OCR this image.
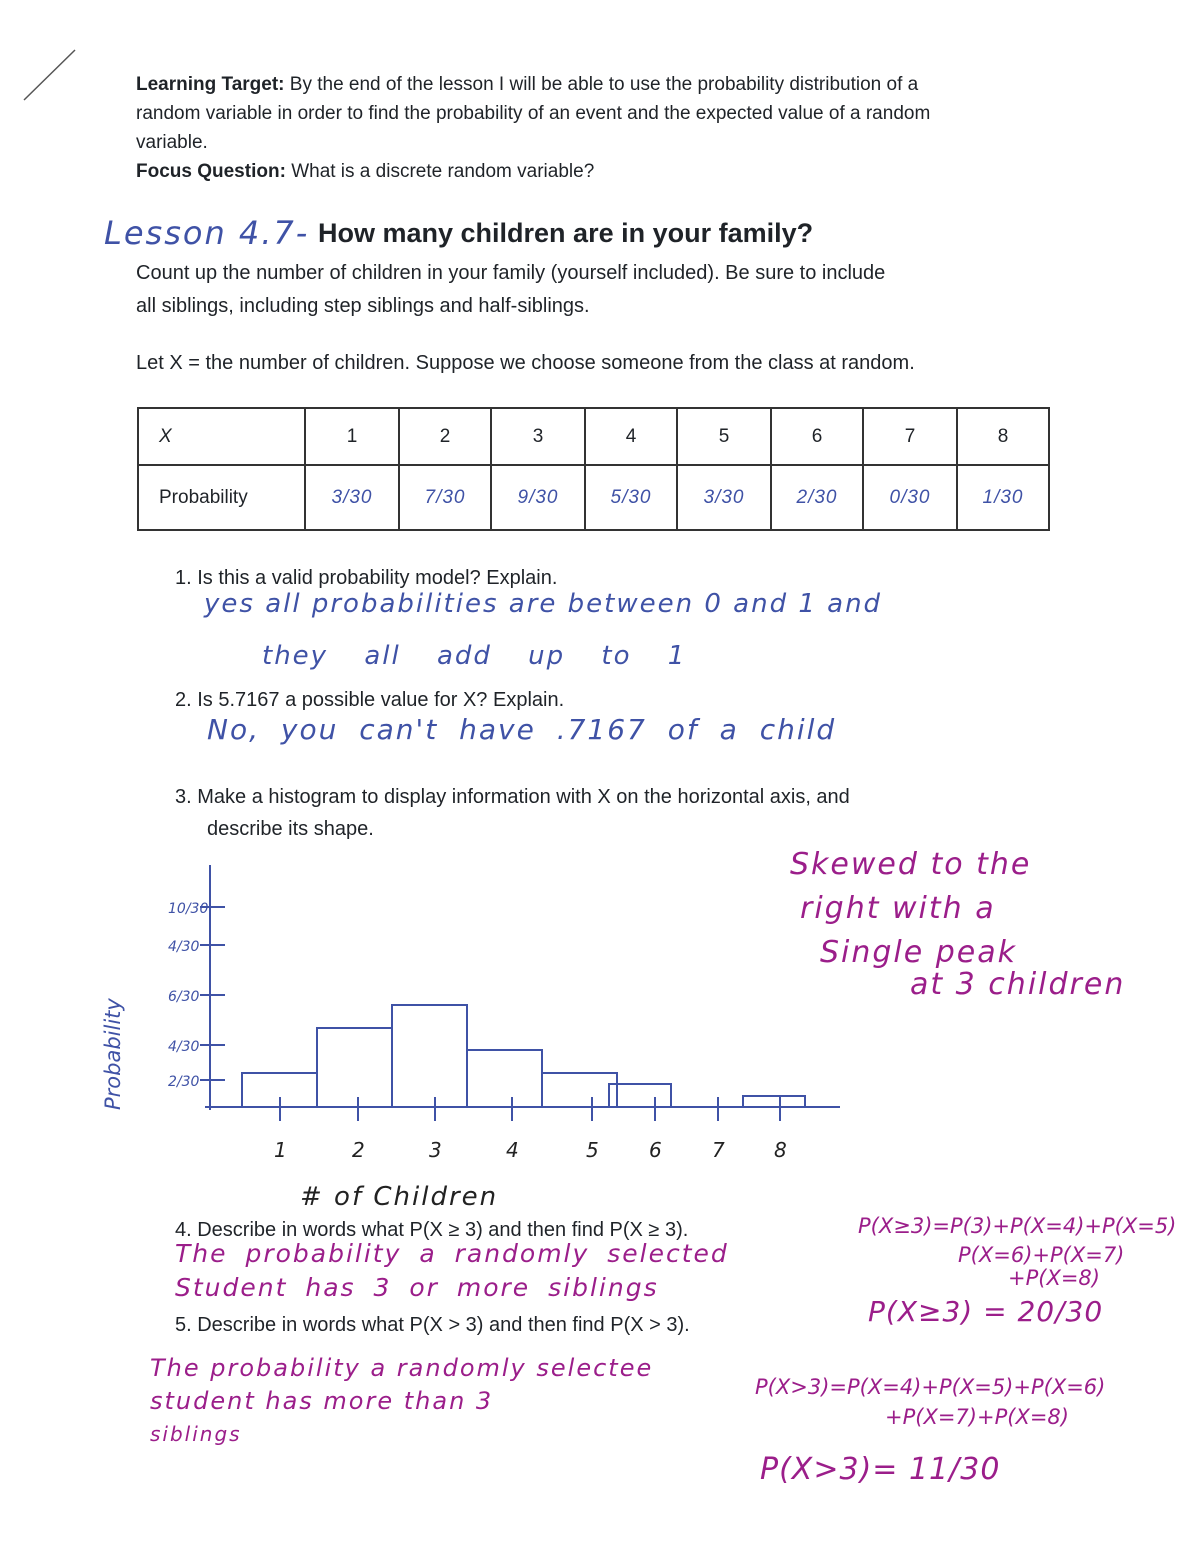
Learning Target: By the end of the lesson I will be able to use the probability distribution of a
random variable in order to find the probability of an event and the expected value of a random
variable.
Focus Question: What is a discrete random variable?
Lesson 4.7- How many children are in your family?
Count up the number of children in your family (yourself included). Be sure to include
all siblings, including step siblings and half-siblings.
Let X = the number of children. Suppose we choose someone from the class at random.
X	1	2	3	4	5	6	7	8
Probability	3/30	7/30	9/30	5/30	3/30	2/30	0/30	1/30
1. Is this a valid probability model? Explain.
yes all probabilities are between 0 and 1 and
they all add up to 1
2. Is 5.7167 a possible value for X? Explain.
No, you can't have .7167 of a child
3. Make a histogram to display information with X on the horizontal axis, and
describe its shape.
Skewed to the
right with a
Single peak
at 3 children
2/30
4/30
6/30
4/30
10/30
1	2	3	4	5	6	7 8
Probability
# of Children
4. Describe in words what P(X ≥ 3) and then find P(X ≥ 3).
The probability a randomly selected
Student has 3 or more siblings
P(X≥3)=P(3)+P(X=4)+P(X=5)
P(X=6)+P(X=7)
+P(X=8)
P(X≥3) = 20/30
5. Describe in words what P(X > 3) and then find P(X > 3).
The probability a randomly selectee
student has more than 3
siblings
P(X>3)=P(X=4)+P(X=5)+P(X=6)
+P(X=7)+P(X=8)
P(X>3)= 11/30
